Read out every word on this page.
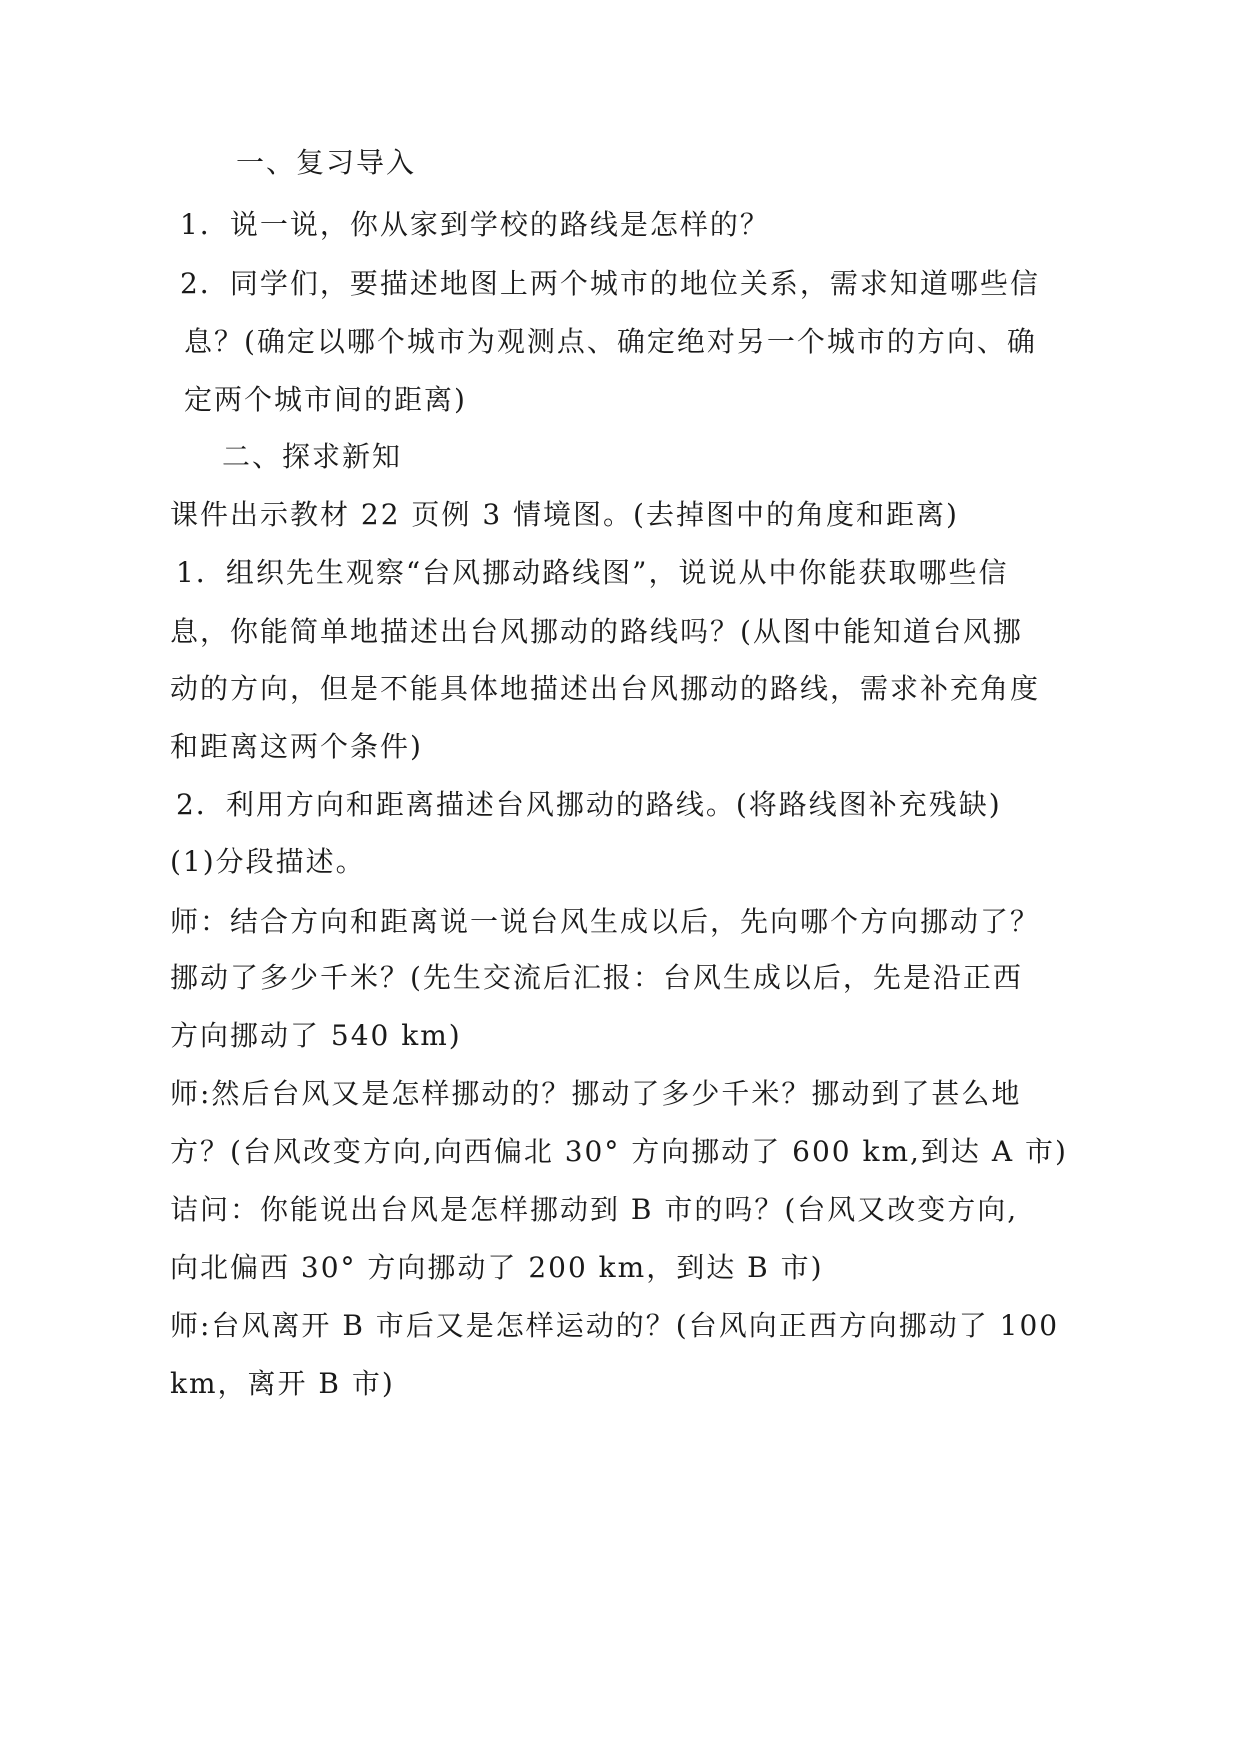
一、复习导入
1．说一说，你从家到学校的路线是怎样的？
2．同学们，要描述地图上两个城市的地位关系，需求知道哪些信
息？(确定以哪个城市为观测点、确定绝对另一个城市的方向、确
定两个城市间的距离)
二、探求新知
课件出示教材 22 页例 3 情境图。(去掉图中的角度和距离)
1．组织先生观察“台风挪动路线图”，说说从中你能获取哪些信
息，你能简单地描述出台风挪动的路线吗？(从图中能知道台风挪
动的方向，但是不能具体地描述出台风挪动的路线，需求补充角度
和距离这两个条件)
2．利用方向和距离描述台风挪动的路线。(将路线图补充残缺)
(1)分段描述。
师：结合方向和距离说一说台风生成以后，先向哪个方向挪动了？
挪动了多少千米？(先生交流后汇报：台风生成以后，先是沿正西
方向挪动了 540 km)
师:然后台风又是怎样挪动的？挪动了多少千米？挪动到了甚么地
方？(台风改变方向,向西偏北 30° 方向挪动了 600 km,到达 A 市)
诘问：你能说出台风是怎样挪动到 B 市的吗？(台风又改变方向,
向北偏西 30° 方向挪动了 200 km，到达 B 市)
师:台风离开 B 市后又是怎样运动的？(台风向正西方向挪动了 100
km，离开 B 市)
